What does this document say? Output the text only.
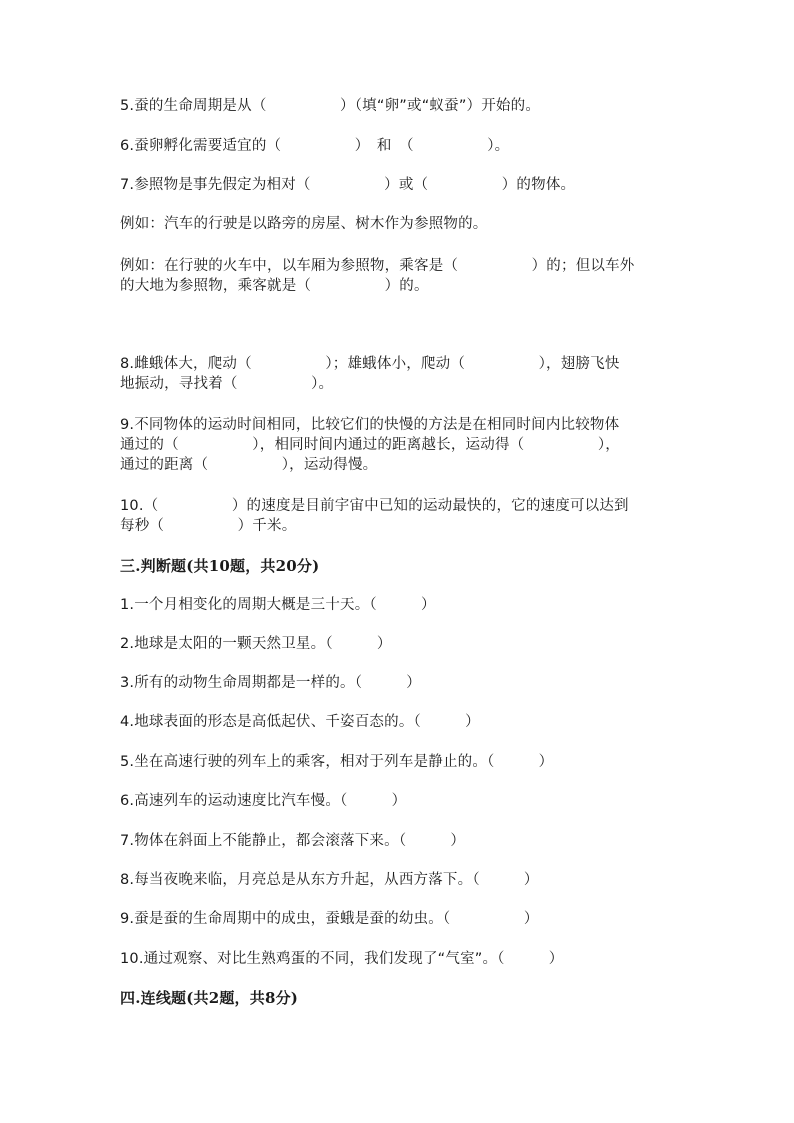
5.蚕的生命周期是从（　　　　　）（填“卵”或“蚁蚕”）开始的。
6.蚕卵孵化需要适宜的（　　　　　）　和　（　　　　　）。
7.参照物是事先假定为相对（　　　　　）或（　　　　　）的物体。
例如：汽车的行驶是以路旁的房屋、树木作为参照物的。
例如：在行驶的火车中，以车厢为参照物，乘客是（　　　　　）的；但以车外
的大地为参照物，乘客就是（　　　　　）的。
8.雌蛾体大，爬动（　　　　　）；雄蛾体小，爬动（　　　　　），翅膀飞快
地振动，寻找着（　　　　　）。
9.不同物体的运动时间相同，比较它们的快慢的方法是在相同时间内比较物体
通过的（　　　　　），相同时间内通过的距离越长，运动得（　　　　　），
通过的距离（　　　　　），运动得慢。
10.（　　　　　）的速度是目前宇宙中已知的运动最快的，它的速度可以达到
每秒（　　　　　）千米。
三.判断题(共10题，共20分)
1.一个月相变化的周期大概是三十天。（　　　）
2.地球是太阳的一颗天然卫星。（　　　）
3.所有的动物生命周期都是一样的。（　　　）
4.地球表面的形态是高低起伏、千姿百态的。（　　　）
5.坐在高速行驶的列车上的乘客，相对于列车是静止的。（　　　）
6.高速列车的运动速度比汽车慢。（　　　）
7.物体在斜面上不能静止，都会滚落下来。（　　　）
8.每当夜晚来临，月亮总是从东方升起，从西方落下。（　　　）
9.蚕是蚕的生命周期中的成虫，蚕蛾是蚕的幼虫。（　　　　　）
10.通过观察、对比生熟鸡蛋的不同，我们发现了“气室”。（　　　）
四.连线题(共2题，共8分)
